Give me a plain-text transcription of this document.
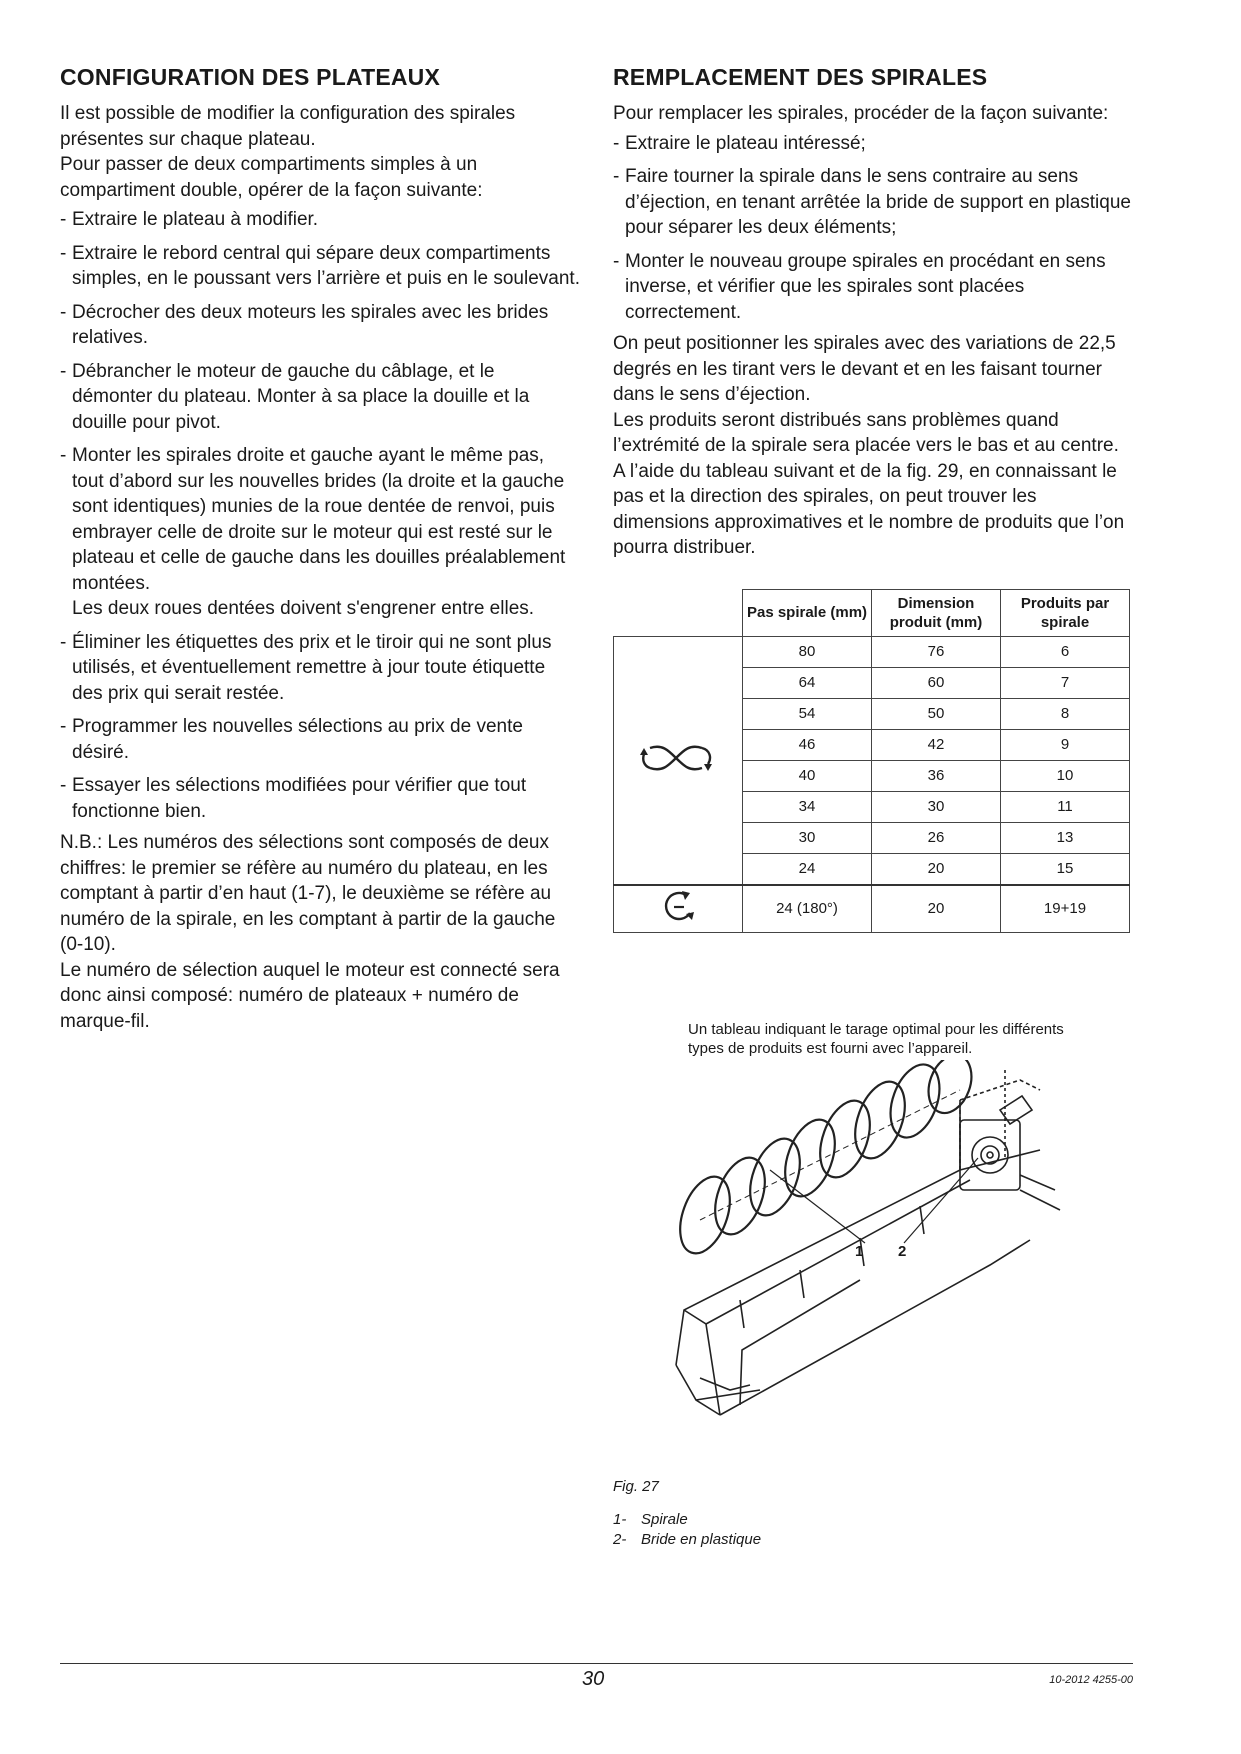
CONFIGURATION DES PLATEAUX

Il est possible de modifier la configuration des spirales présentes sur chaque plateau.

Pour passer de deux compartiments simples à un compartiment double, opérer de la façon suivante:

- Extraire le plateau à modifier.
- Extraire le rebord central qui sépare deux compartiments simples, en le poussant vers l’arrière et puis en le soulevant.
- Décrocher des deux moteurs les spirales avec les brides relatives.
- Débrancher le moteur de gauche du câblage, et le démonter du plateau. Monter à sa place la douille et la douille pour pivot.
- Monter les spirales droite et gauche ayant le même pas, tout d’abord sur les nouvelles brides (la droite et la gauche sont identiques) munies de la roue dentée de renvoi, puis embrayer celle de droite sur le moteur qui est resté sur le plateau et celle de gauche dans les douilles préalablement montées.
Les deux roues dentées doivent s'engrener entre elles.
- Éliminer les étiquettes des prix et le tiroir qui ne sont plus utilisés, et éventuellement remettre à jour toute étiquette des prix qui serait restée.
- Programmer les nouvelles sélections au prix de vente désiré.
- Essayer les sélections modifiées pour vérifier que tout fonctionne bien.

N.B.: Les numéros des sélections sont composés de deux chiffres: le premier se réfère au numéro du plateau, en les comptant à partir d’en haut (1-7), le deuxième se réfère au numéro de la spirale, en les comptant à partir de la gauche (0-10).

Le numéro de sélection auquel le moteur est connecté sera donc ainsi composé: numéro de plateaux + numéro de marque-fil.

REMPLACEMENT DES SPIRALES

Pour remplacer les spirales, procéder de la façon suivante:

- Extraire le plateau intéressé;
- Faire tourner la spirale dans le sens contraire au sens d’éjection, en tenant arrêtée la bride de support en plastique pour séparer les deux éléments;
- Monter le nouveau groupe spirales en procédant en sens inverse, et vérifier que les spirales sont placées correctement.

On peut positionner les spirales avec des variations de 22,5 degrés en les tirant vers le devant et en les faisant tourner dans le sens d’éjection.

Les produits seront distribués sans problèmes quand l’extrémité de la spirale sera placée vers le bas et au centre.

A l’aide du tableau suivant et de la fig. 29, en connaissant le pas et la direction des spirales, on peut trouver les dimensions approximatives et le nombre de produits que l’on pourra distribuer.

	Pas spirale (mm)	Dimension produit (mm)	Produits par spirale
	80	76	6
	64	60	7
	54	50	8
	46	42	9
	40	36	10
	34	30	11
	30	26	13
	24	20	15
	24 (180°)	20	19+19
Un tableau indiquant le tarage optimal pour les différents types de produits est fourni avec l’appareil.
1 2
Fig. 27
1- Spirale
2- Bride en plastique
30	10-2012 4255-00
